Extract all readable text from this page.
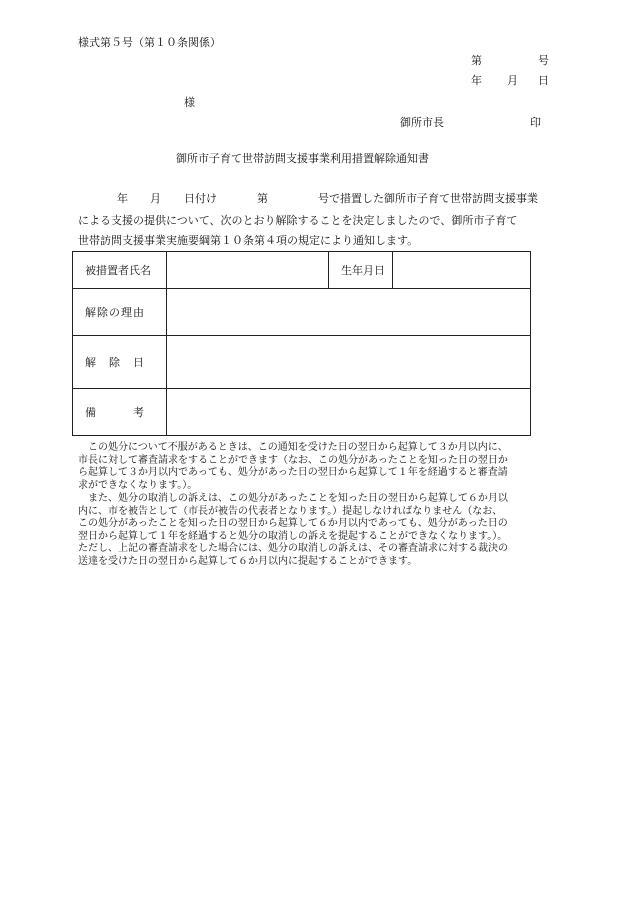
様式第５号（第１０条関係）
第	号
年 月 日
様
御所市長	印
御所市子育て世帯訪問支援事業利用措置解除通知書
年 月 日付け	第	号で措置した御所市子育て世帯訪問支援事業
による支援の提供について、次のとおり解除することを決定しましたので、御所市子育て
世帯訪問支援事業実施要綱第１０条第４項の規定により通知します。
被措置者氏名		生年月日	
解除の理由			
解　除　日			
備　　　考			
　この処分について不服があるときは、この通知を受けた日の翌日から起算して３か月以内に、
市長に対して審査請求をすることができます（なお、この処分があったことを知った日の翌日か
ら起算して３か月以内であっても、処分があった日の翌日から起算して１年を経過すると審査請
求ができなくなります。）。
　また、処分の取消しの訴えは、この処分があったことを知った日の翌日から起算して６か月以
内に、市を被告として（市長が被告の代表者となります。）提起しなければなりません（なお、
この処分があったことを知った日の翌日から起算して６か月以内であっても、処分があった日の
翌日から起算して１年を経過すると処分の取消しの訴えを提起することができなくなります。）。
ただし、上記の審査請求をした場合には、処分の取消しの訴えは、その審査請求に対する裁決の
送達を受けた日の翌日から起算して６か月以内に提起することができます。
